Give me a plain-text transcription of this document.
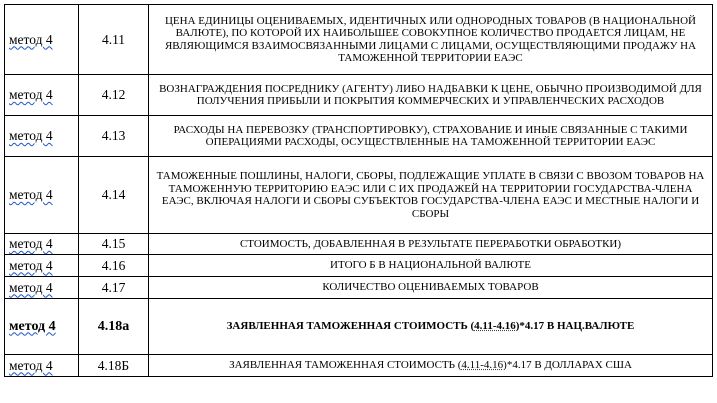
метод 4	4.11	ЦЕНА ЕДИНИЦЫ ОЦЕНИВАЕМЫХ, ИДЕНТИЧНЫХ ИЛИ ОДНОРОДНЫХ ТОВАРОВ (В НАЦИОНАЛЬНОЙ ВАЛЮТЕ), ПО КОТОРОЙ ИХ НАИБОЛЬШЕЕ СОВОКУПНОЕ КОЛИЧЕСТВО ПРОДАЕТСЯ ЛИЦАМ, НЕ ЯВЛЯЮЩИМСЯ ВЗАИМОСВЯЗАННЫМИ ЛИЦАМИ С ЛИЦАМИ, ОСУЩЕСТВЛЯЮЩИМИ ПРОДАЖУ НА ТАМОЖЕННОЙ ТЕРРИТОРИИ ЕАЭС
метод 4	4.12	ВОЗНАГРАЖДЕНИЯ ПОСРЕДНИКУ (АГЕНТУ) ЛИБО НАДБАВКИ К ЦЕНЕ, ОБЫЧНО ПРОИЗВОДИМОЙ ДЛЯ ПОЛУЧЕНИЯ ПРИБЫЛИ И ПОКРЫТИЯ КОММЕРЧЕСКИХ И УПРАВЛЕНЧЕСКИХ РАСХОДОВ
метод 4	4.13	РАСХОДЫ НА ПЕРЕВОЗКУ (ТРАНСПОРТИРОВКУ), СТРАХОВАНИЕ И ИНЫЕ СВЯЗАННЫЕ С ТАКИМИ ОПЕРАЦИЯМИ РАСХОДЫ, ОСУЩЕСТВЛЕННЫЕ НА ТАМОЖЕННОЙ ТЕРРИТОРИИ ЕАЭС
метод 4	4.14	ТАМОЖЕННЫЕ ПОШЛИНЫ, НАЛОГИ, СБОРЫ, ПОДЛЕЖАЩИЕ УПЛАТЕ В СВЯЗИ С ВВОЗОМ ТОВАРОВ НА ТАМОЖЕННУЮ ТЕРРИТОРИЮ ЕАЭС ИЛИ С ИХ ПРОДАЖЕЙ НА ТЕРРИТОРИИ ГОСУДАРСТВА-ЧЛЕНА ЕАЭС, ВКЛЮЧАЯ НАЛОГИ И СБОРЫ СУБЪЕКТОВ ГОСУДАРСТВА-ЧЛЕНА ЕАЭС И МЕСТНЫЕ НАЛОГИ И СБОРЫ
метод 4	4.15	СТОИМОСТЬ, ДОБАВЛЕННАЯ В РЕЗУЛЬТАТЕ ПЕРЕРАБОТКИ ОБРАБОТКИ)
метод 4	4.16	ИТОГО Б В НАЦИОНАЛЬНОЙ ВАЛЮТЕ
метод 4	4.17	КОЛИЧЕСТВО ОЦЕНИВАЕМЫХ ТОВАРОВ
метод 4	4.18а	ЗАЯВЛЕННАЯ ТАМОЖЕННАЯ СТОИМОСТЬ (4.11-4.16)*4.17 В НАЦ.ВАЛЮТЕ
метод 4	4.18Б	ЗАЯВЛЕННАЯ ТАМОЖЕННАЯ СТОИМОСТЬ (4.11-4.16)*4.17 В ДОЛЛАРАХ США
